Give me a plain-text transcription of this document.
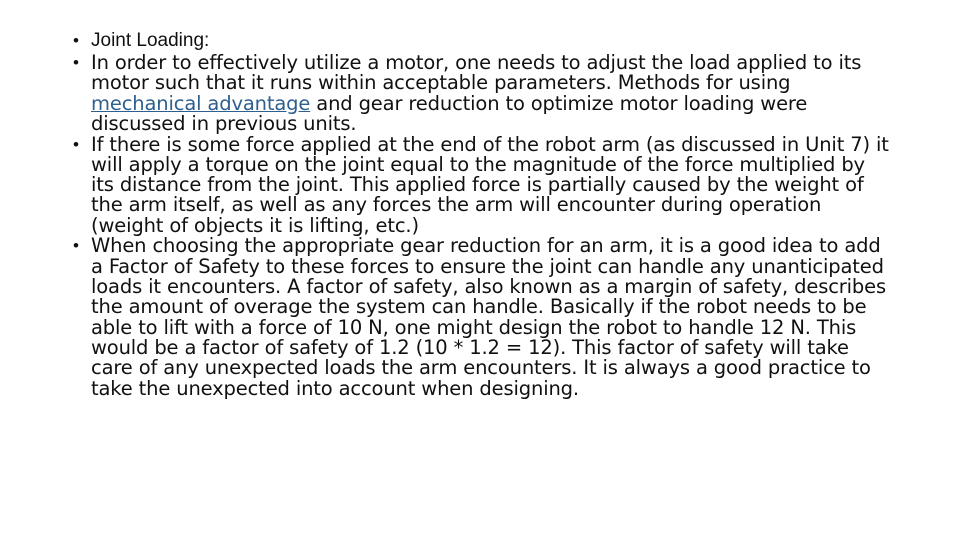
• Joint Loading:
• In order to effectively utilize a motor, one needs to adjust the load applied to its motor such that it runs within acceptable parameters. Methods for using mechanical advantage and gear reduction to optimize motor loading were discussed in previous units.
• If there is some force applied at the end of the robot arm (as discussed in Unit 7) it will apply a torque on the joint equal to the magnitude of the force multiplied by its distance from the joint. This applied force is partially caused by the weight of the arm itself, as well as any forces the arm will encounter during operation (weight of objects it is lifting, etc.)
• When choosing the appropriate gear reduction for an arm, it is a good idea to add a Factor of Safety to these forces to ensure the joint can handle any unanticipated loads it encounters. A factor of safety, also known as a margin of safety, describes the amount of overage the system can handle. Basically if the robot needs to be able to lift with a force of 10 N, one might design the robot to handle 12 N. This would be a factor of safety of 1.2 (10 * 1.2 = 12). This factor of safety will take care of any unexpected loads the arm encounters. It is always a good practice to take the unexpected into account when designing.
